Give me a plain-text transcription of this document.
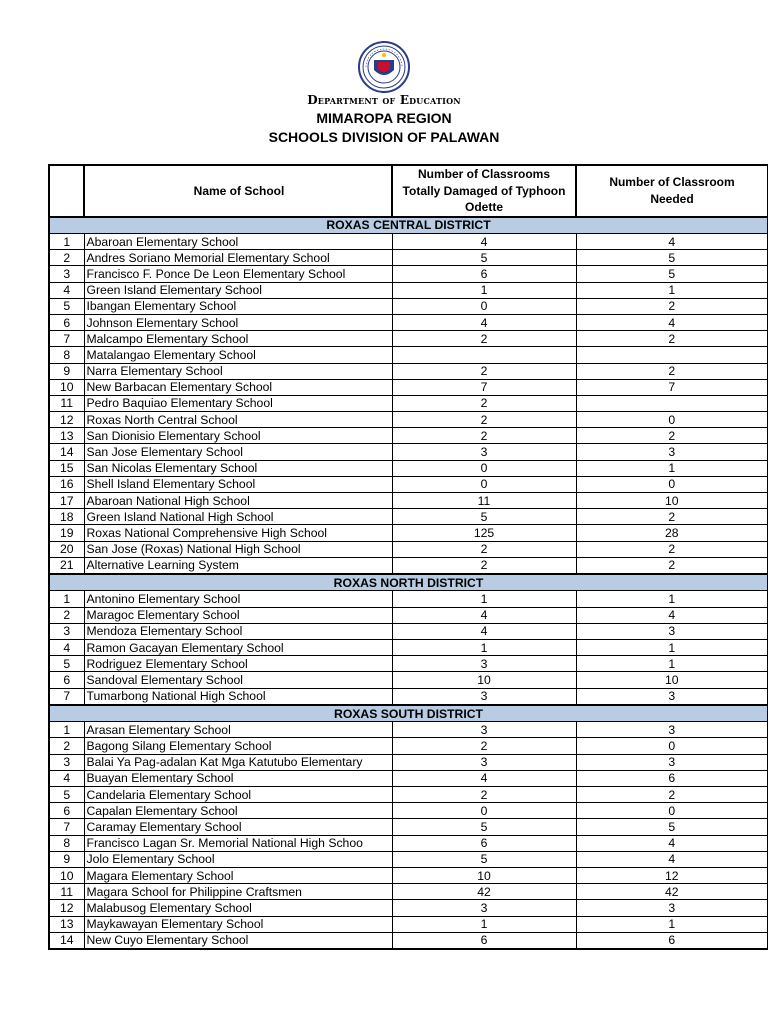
Department of Education
MIMAROPA REGION
SCHOOLS DIVISION OF PALAWAN
	Name of School	Number of Classrooms Totally Damaged of Typhoon Odette	Number of Classroom Needed
ROXAS CENTRAL DISTRICT			
1	Abaroan Elementary School	4	4
2	Andres Soriano Memorial Elementary School	5	5
3	Francisco F. Ponce De Leon Elementary School	6	5
4	Green Island Elementary School	1	1
5	Ibangan Elementary School	0	2
6	Johnson Elementary School	4	4
7	Malcampo Elementary School	2	2
8	Matalangao Elementary School		
9	Narra Elementary School	2	2
10	New Barbacan Elementary School	7	7
11	Pedro Baquiao Elementary School	2	
12	Roxas North Central School	2	0
13	San Dionisio Elementary School	2	2
14	San Jose Elementary School	3	3
15	San Nicolas Elementary School	0	1
16	Shell Island Elementary School	0	0
17	Abaroan National High School	11	10
18	Green Island National High School	5	2
19	Roxas National Comprehensive High School	125	28
20	San Jose (Roxas) National High School	2	2
21	Alternative Learning System	2	2
ROXAS NORTH DISTRICT			
1	Antonino Elementary School	1	1
2	Maragoc Elementary School	4	4
3	Mendoza Elementary School	4	3
4	Ramon Gacayan Elementary School	1	1
5	Rodriguez Elementary School	3	1
6	Sandoval Elementary School	10	10
7	Tumarbong National High School	3	3
ROXAS SOUTH DISTRICT			
1	Arasan Elementary School	3	3
2	Bagong Silang Elementary School	2	0
3	Balai Ya Pag-adalan Kat Mga Katutubo Elementary	3	3
4	Buayan Elementary School	4	6
5	Candelaria Elementary School	2	2
6	Capalan Elementary School	0	0
7	Caramay Elementary School	5	5
8	Francisco Lagan Sr. Memorial National High Schoo	6	4
9	Jolo Elementary School	5	4
10	Magara Elementary School	10	12
11	Magara School for Philippine Craftsmen	42	42
12	Malabusog Elementary School	3	3
13	Maykawayan Elementary School	1	1
14	New Cuyo Elementary School	6	6
